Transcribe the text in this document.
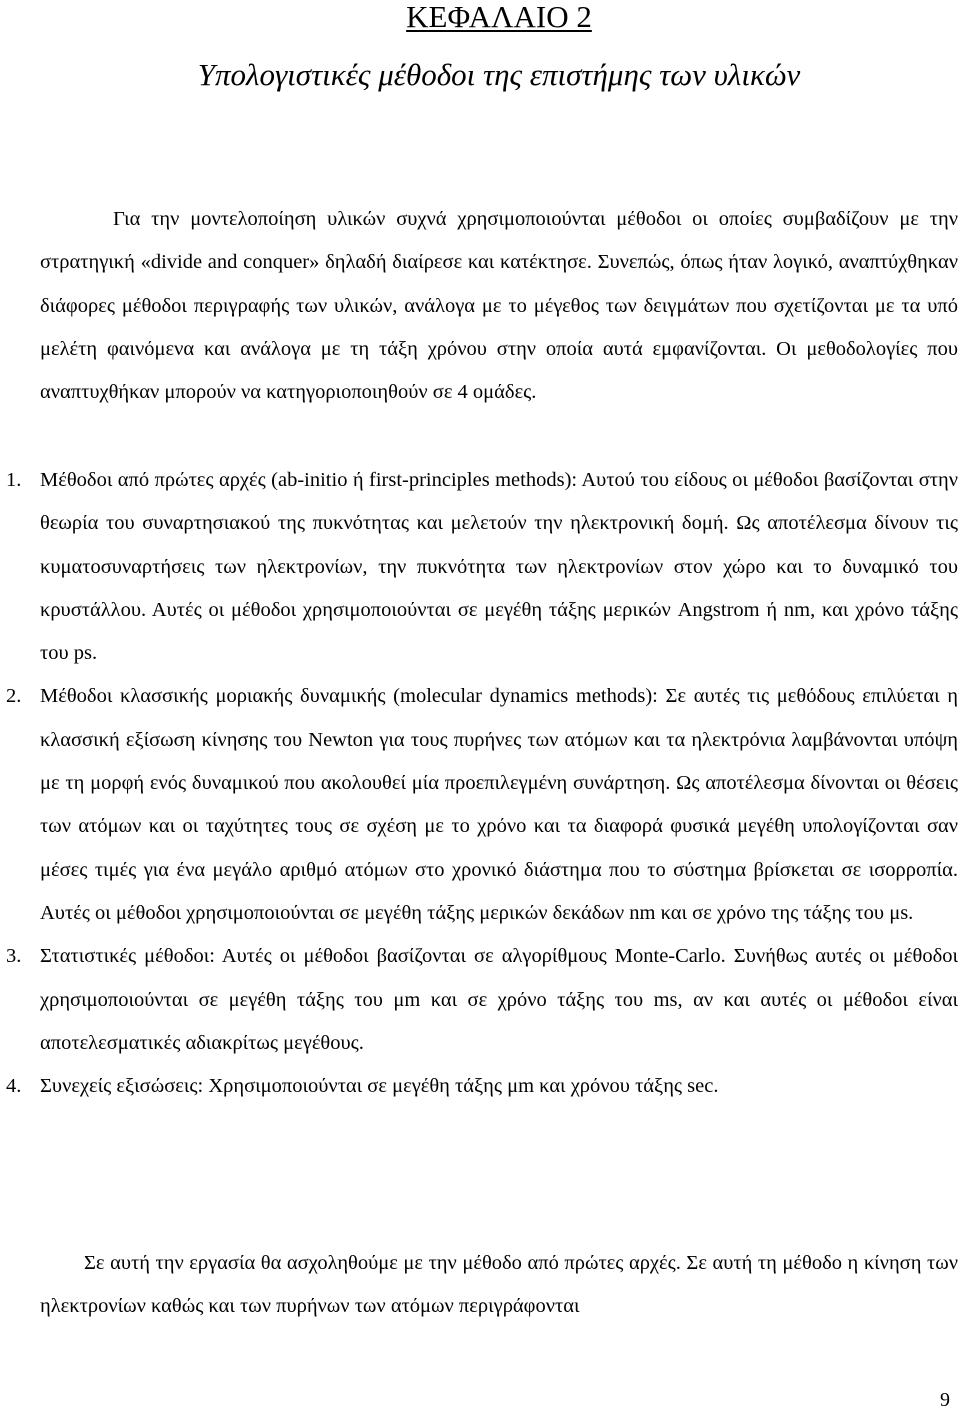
ΚΕΦΑΛΑΙΟ 2
Υπολογιστικές μέθοδοι της επιστήμης των υλικών
Για την μοντελοποίηση υλικών συχνά χρησιμοποιούνται μέθοδοι οι οποίες συμβαδίζουν με την στρατηγική «divide and conquer» δηλαδή διαίρεσε και κατέκτησε. Συνεπώς, όπως ήταν λογικό, αναπτύχθηκαν διάφορες μέθοδοι περιγραφής των υλικών, ανάλογα με το μέγεθος των δειγμάτων που σχετίζονται με τα υπό μελέτη φαινόμενα και ανάλογα με τη τάξη χρόνου στην οποία αυτά εμφανίζονται. Οι μεθοδολογίες που αναπτυχθήκαν μπορούν να κατηγοριοποιηθούν σε 4 ομάδες.
1. Μέθοδοι από πρώτες αρχές (ab-initio ή first-principles methods): Αυτού του είδους οι μέθοδοι βασίζονται στην θεωρία του συναρτησιακού της πυκνότητας και μελετούν την ηλεκτρονική δομή. Ως αποτέλεσμα δίνουν τις κυματοσυναρτήσεις των ηλεκτρονίων, την πυκνότητα των ηλεκτρονίων στον χώρο και το δυναμικό του κρυστάλλου. Αυτές οι μέθοδοι χρησιμοποιούνται σε μεγέθη τάξης μερικών Angstrom ή nm, και χρόνο τάξης του ps.
2. Μέθοδοι κλασσικής μοριακής δυναμικής (molecular dynamics methods): Σε αυτές τις μεθόδους επιλύεται η κλασσική εξίσωση κίνησης του Newton για τους πυρήνες των ατόμων και τα ηλεκτρόνια λαμβάνονται υπόψη με τη μορφή ενός δυναμικού που ακολουθεί μία προεπιλεγμένη συνάρτηση. Ως αποτέλεσμα δίνονται οι θέσεις των ατόμων και οι ταχύτητες τους σε σχέση με το χρόνο και τα διαφορά φυσικά μεγέθη υπολογίζονται σαν μέσες τιμές για ένα μεγάλο αριθμό ατόμων στο χρονικό διάστημα που το σύστημα βρίσκεται σε ισορροπία. Αυτές οι μέθοδοι χρησιμοποιούνται σε μεγέθη τάξης μερικών δεκάδων nm και σε χρόνο της τάξης του μs.
3. Στατιστικές μέθοδοι: Αυτές οι μέθοδοι βασίζονται σε αλγορίθμους Monte-Carlo. Συνήθως αυτές οι μέθοδοι χρησιμοποιούνται σε μεγέθη τάξης του μm και σε χρόνο τάξης του ms, αν και αυτές οι μέθοδοι είναι αποτελεσματικές αδιακρίτως μεγέθους.
4. Συνεχείς εξισώσεις: Χρησιμοποιούνται σε μεγέθη τάξης μm και χρόνου τάξης sec.
Σε αυτή την εργασία θα ασχοληθούμε με την μέθοδο από πρώτες αρχές. Σε αυτή τη μέθοδο η κίνηση των ηλεκτρονίων καθώς και των πυρήνων των ατόμων περιγράφονται
9
